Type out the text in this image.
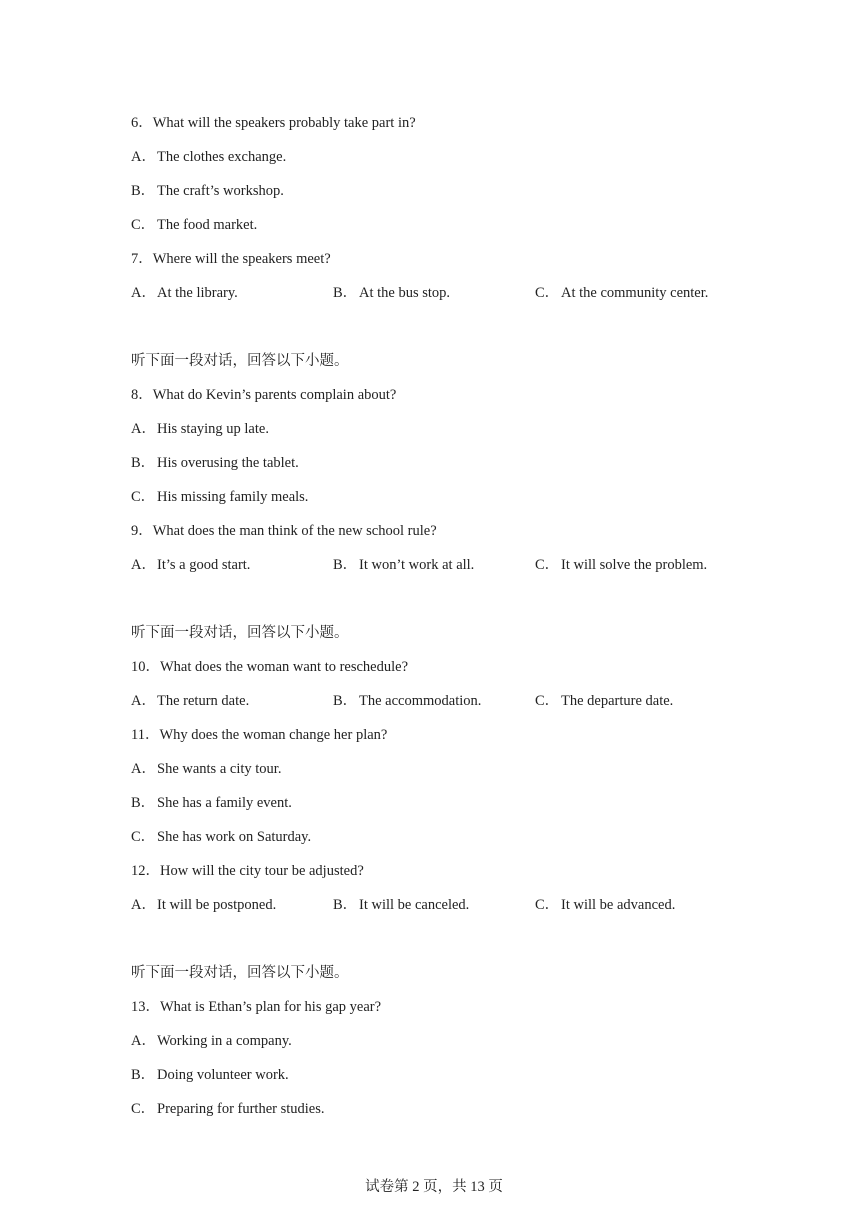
6．What will the speakers probably take part in?
A．The clothes exchange.
B． The craft’s workshop.
C． The food market.
7．Where will the speakers meet?
A．At the library.	B． At the bus stop.	C． At the community center.
听下面一段对话，回答以下小题。
8．What do Kevin’s parents complain about?
A．His staying up late.
B． His overusing the tablet.
C． His missing family meals.
9．What does the man think of the new school rule?
A．It’s a good start.	B． It won’t work at all.	C． It will solve the problem.
听下面一段对话，回答以下小题。
10．What does the woman want to reschedule?
A．The return date.	B． The accommodation.	C． The departure date.
11．Why does the woman change her plan?
A．She wants a city tour.
B． She has a family event.
C． She has work on Saturday.
12．How will the city tour be adjusted?
A．It will be postponed.	B． It will be canceled.	C． It will be advanced.
听下面一段对话，回答以下小题。
13．What is Ethan’s plan for his gap year?
A．Working in a company.
B． Doing volunteer work.
C． Preparing for further studies.
试卷第 2 页，共 13 页
